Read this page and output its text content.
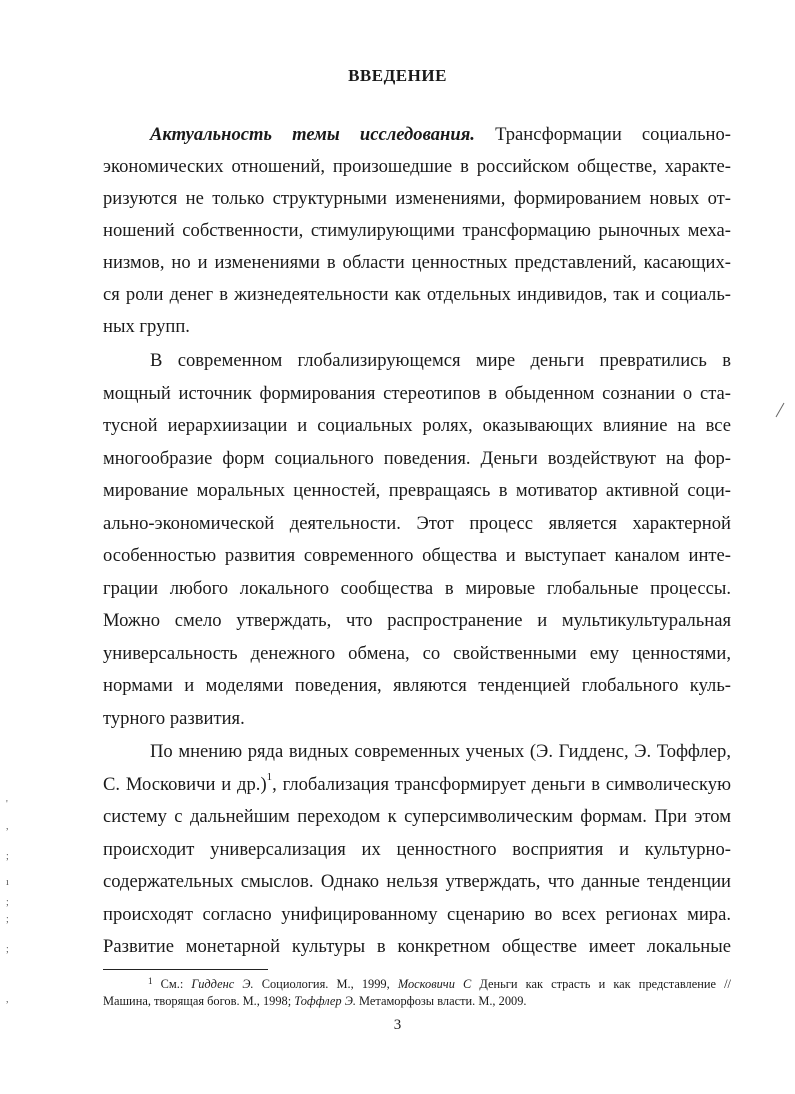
ВВЕДЕНИЕ
Актуальность темы исследования. Трансформации социально-
экономических отношений, произошедшие в российском обществе, характе-
ризуются не только структурными изменениями, формированием новых от-
ношений собственности, стимулирующими трансформацию рыночных меха-
низмов, но и изменениями в области ценностных представлений, касающих-
ся роли денег в жизнедеятельности как отдельных индивидов, так и социаль-
ных групп.
В современном глобализирующемся мире деньги превратились в
мощный источник формирования стереотипов в обыденном сознании о ста-
тусной иерархиизации и социальных ролях, оказывающих влияние на все
многообразие форм социального поведения. Деньги воздействуют на фор-
мирование моральных ценностей, превращаясь в мотиватор активной соци-
ально-экономической деятельности. Этот процесс является характерной
особенностью развития современного общества и выступает каналом инте-
грации любого локального сообщества в мировые глобальные процессы.
Можно смело утверждать, что распространение и мультикультуральная
универсальность денежного обмена, со свойственными ему ценностями,
нормами и моделями поведения, являются тенденцией глобального куль-
турного развития.
По мнению ряда видных современных ученых (Э. Гидденс, Э. Тоффлер,
С. Московичи и др.)$^1$, глобализация трансформирует деньги в символическую
систему с дальнейшим переходом к суперсимволическим формам. При этом
происходит универсализация их ценностного восприятия и культурно-
содержательных смыслов. Однако нельзя утверждать, что данные тенденции
происходят согласно унифицированному сценарию во всех регионах мира.
Развитие монетарной культуры в конкретном обществе имеет локальные
$^1$ См.: Гидденс Э. Социология. М., 1999, Московичи С Деньги как страсть и как представление //
Машина, творящая богов. М., 1998; Тоффлер Э. Метаморфозы власти. М., 2009.
3
'
,
;
ı
;
;
;
,
